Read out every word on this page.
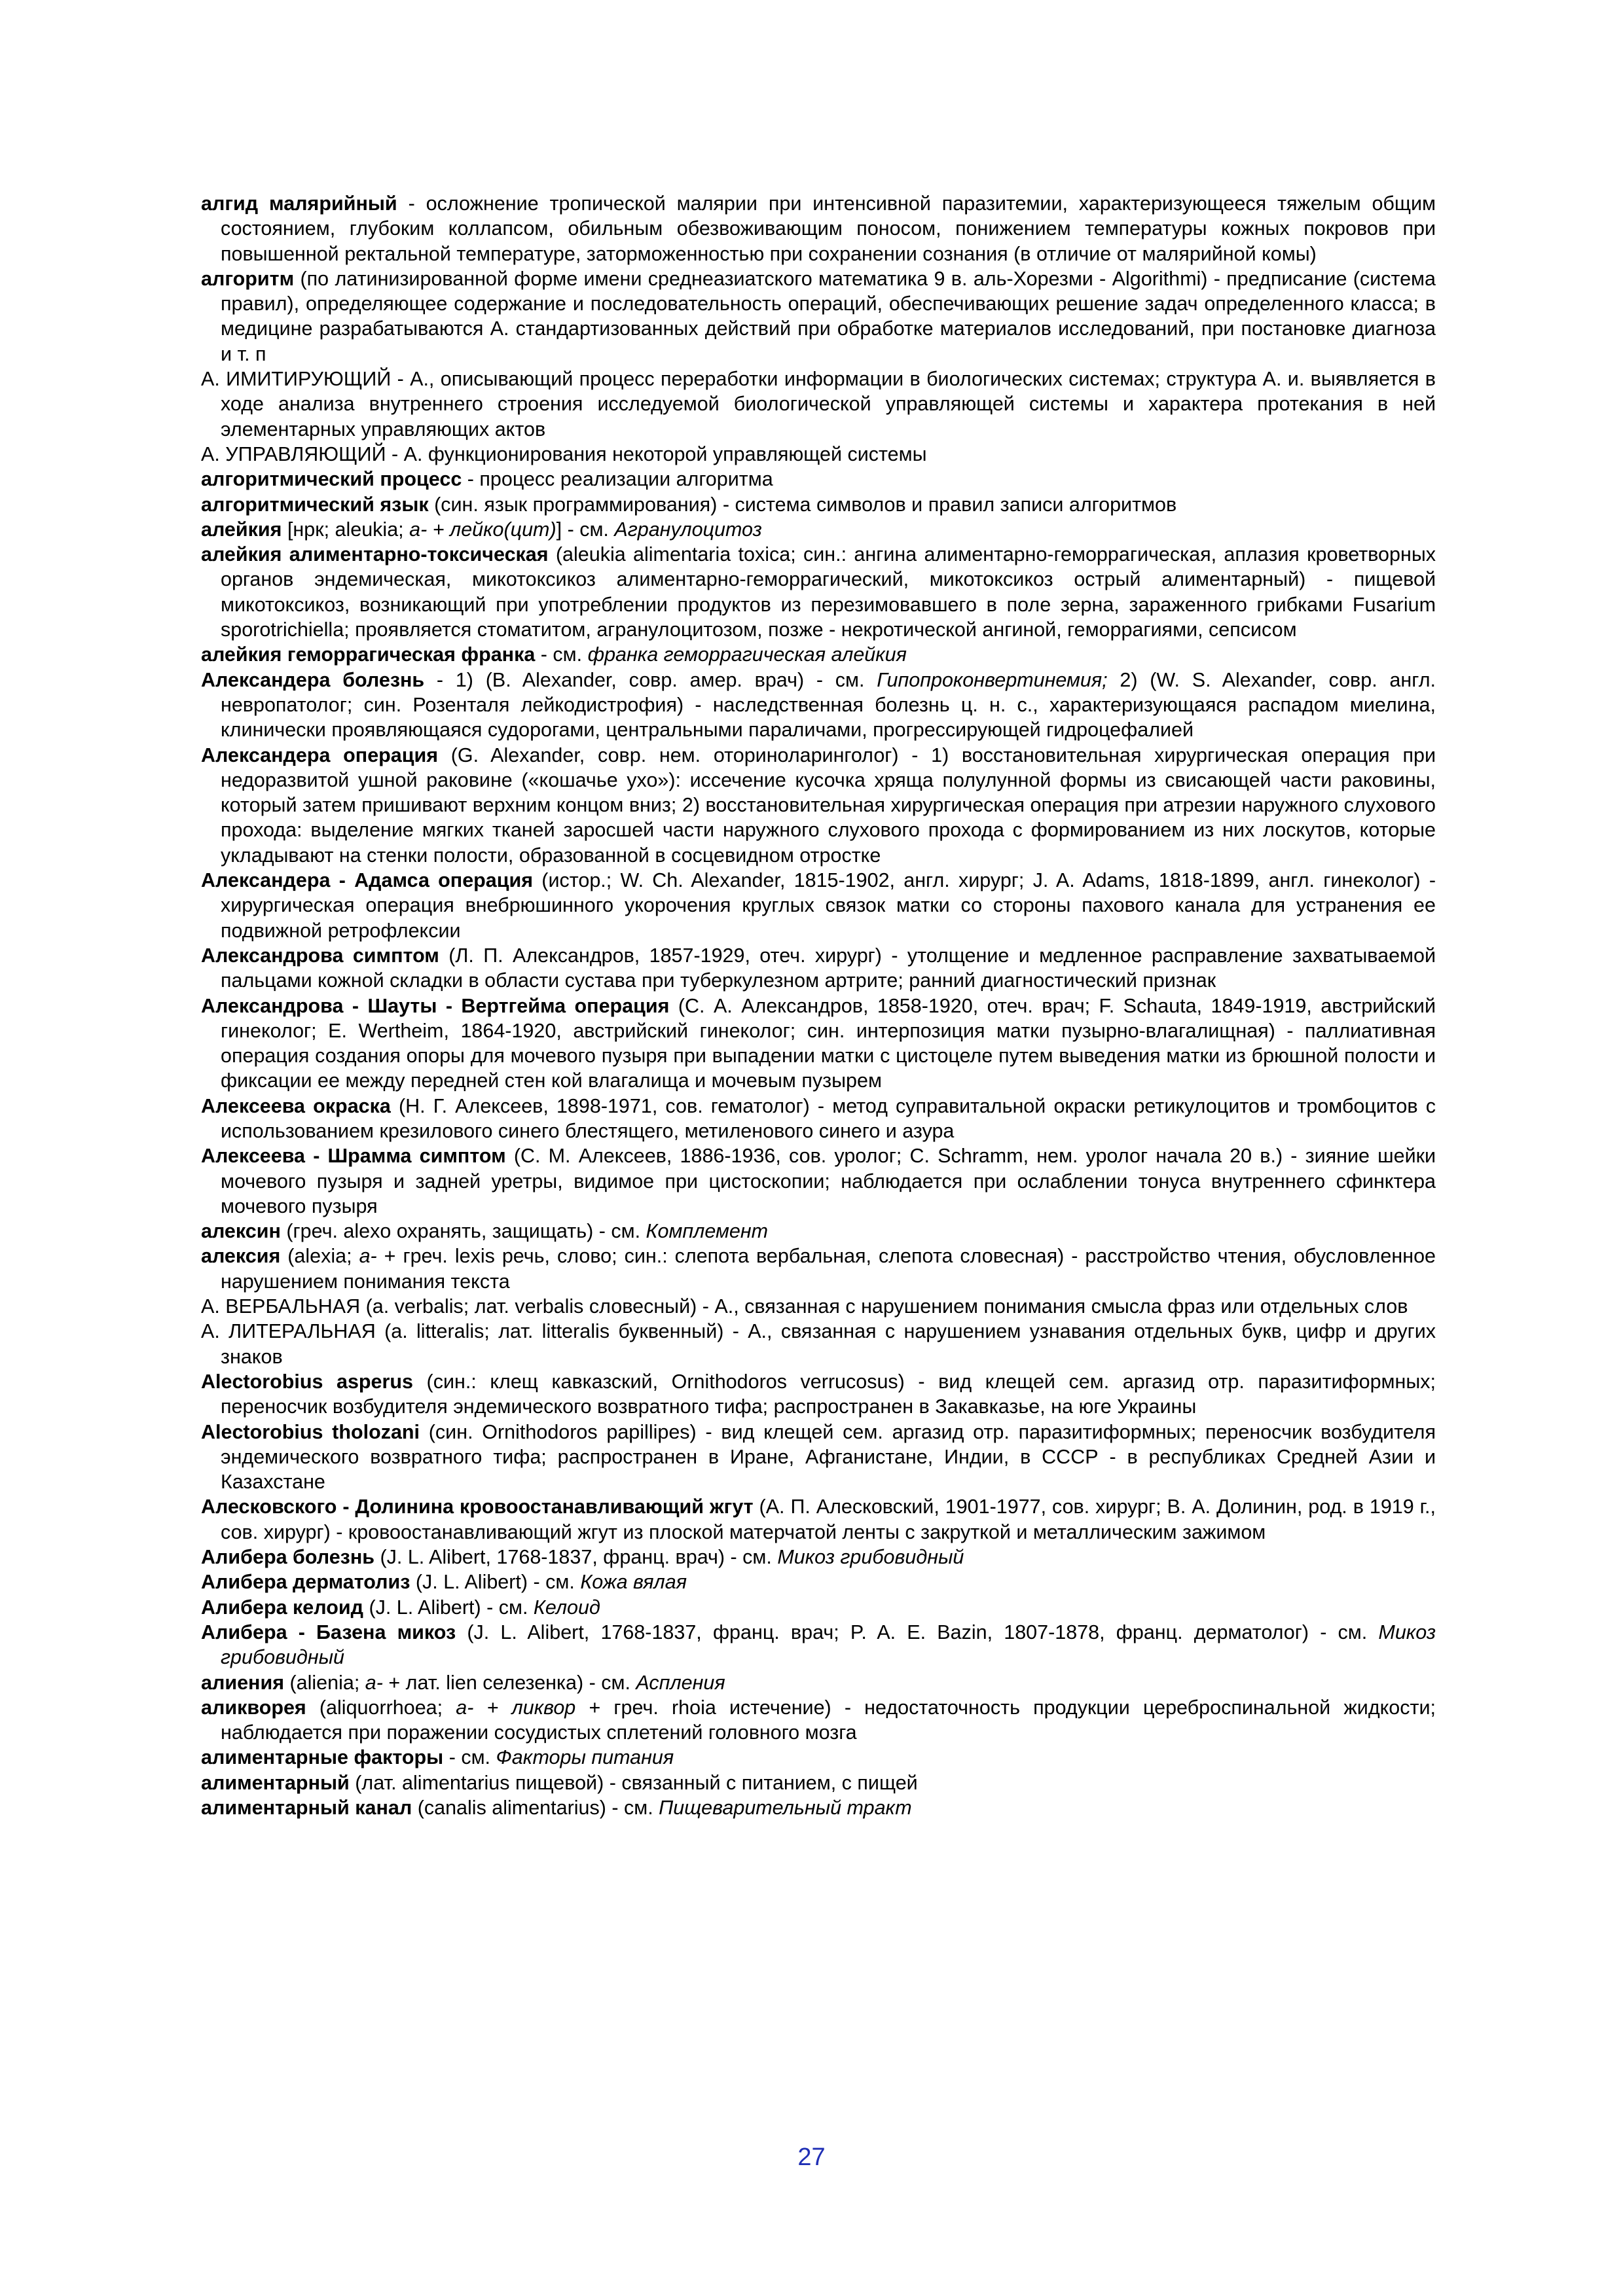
алгид малярийный - осложнение тропической малярии при интенсивной паразитемии, характеризующееся тяжелым общим состоянием, глубоким коллапсом, обильным обезвоживающим поносом, понижением температуры кожных покровов при повышенной ректальной температуре, заторможенностью при сохранении сознания (в отличие от малярийной комы)

алгоритм (по латинизированной форме имени среднеазиатского математика 9 в. аль-Хорезми - Algorithmi) - предписание (система правил), определяющее содержание и последовательность операций, обеспечивающих решение задач определенного класса; в медицине разрабатываются А. стандартизованных действий при обработке материалов исследований, при постановке диагноза и т. п

А. ИМИТИРУЮЩИЙ - А., описывающий процесс переработки информации в биологических системах; структура А. и. выявляется в ходе анализа внутреннего строения исследуемой биологической управляющей системы и характера протекания в ней элементарных управляющих актов

А. УПРАВЛЯЮЩИЙ - А. функционирования некоторой управляющей системы

алгоритмический процесс - процесс реализации алгоритма

алгоритмический язык (син. язык программирования) - система символов и правил записи алгоритмов

алейкия [нрк; aleukia; а- + лейко(цит)] - см. Агранулоцитоз

алейкия алиментарно-токсическая (aleukia alimentaria toxica; син.: ангина алиментарно-геморрагическая, аплазия кроветворных органов эндемическая, микотоксикоз алиментарно-геморрагический, микотоксикоз острый алиментарный) - пищевой микотоксикоз, возникающий при употреблении продуктов из перезимовавшего в поле зерна, зараженного грибками Fusarium sporotrichiella; проявляется стоматитом, агранулоцитозом, позже - некротической ангиной, геморрагиями, сепсисом

алейкия геморрагическая франка - см. франка геморрагическая алейкия

Александера болезнь - 1) (B. Alexander, совр. амер. врач) - см. Гипопроконвертинемия; 2) (W. S. Alexander, совр. англ. невропатолог; син. Розенталя лейкодистрофия) - наследственная болезнь ц. н. с., характеризующаяся распадом миелина, клинически проявляющаяся судорогами, центральными параличами, прогрессирующей гидроцефалией

Александера операция (G. Alexander, совр. нем. оториноларинголог) - 1) восстановительная хирургическая операция при недоразвитой ушной раковине («кошачье ухо»): иссечение кусочка хряща полулунной формы из свисающей части раковины, который затем пришивают верхним концом вниз; 2) восстановительная хирургическая операция при атрезии наружного слухового прохода: выделение мягких тканей заросшей части наружного слухового прохода с формированием из них лоскутов, которые укладывают на стенки полости, образованной в сосцевидном отростке

Александера - Адамса операция (истор.; W. Ch. Alexander, 1815-1902, англ. хирург; J. A. Adams, 1818-1899, англ. гинеколог) - хирургическая операция внебрюшинного укорочения круглых связок матки со стороны пахового канала для устранения ее подвижной ретрофлексии

Александрова симптом (Л. П. Александров, 1857-1929, отеч. хирург) - утолщение и медленное расправление захватываемой пальцами кожной складки в области сустава при туберкулезном артрите; ранний диагностический признак

Александрова - Шауты - Вертгейма операция (С. А. Александров, 1858-1920, отеч. врач; F. Schauta, 1849-1919, австрийский гинеколог; E. Wertheim, 1864-1920, австрийский гинеколог; син. интерпозиция матки пузырно-влагалищная) - паллиативная операция создания опоры для мочевого пузыря при выпадении матки с цистоцеле путем выведения матки из брюшной полости и фиксации ее между передней стен кой влагалища и мочевым пузырем

Алексеева окраска (Н. Г. Алексеев, 1898-1971, сов. гематолог) - метод суправитальной окраски ретикулоцитов и тромбоцитов с использованием крезилового синего блестящего, метиленового синего и азура

Алексеева - Шрамма симптом (С. М. Алексеев, 1886-1936, сов. уролог; C. Schramm, нем. уролог начала 20 в.) - зияние шейки мочевого пузыря и задней уретры, видимое при цистоскопии; наблюдается при ослаблении тонуса внутреннего сфинктера мочевого пузыря

алексин (греч. alexo охранять, защищать) - см. Комплемент

алексия (alexia; а- + греч. lexis речь, слово; син.: слепота вербальная, слепота словесная) - расстройство чтения, обусловленное нарушением понимания текста

А. ВЕРБАЛЬНАЯ (a. verbalis; лат. verbalis словесный) - А., связанная с нарушением понимания смысла фраз или отдельных слов

А. ЛИТЕРАЛЬНАЯ (a. litteralis; лат. litteralis буквенный) - А., связанная с нарушением узнавания отдельных букв, цифр и других знаков

Alectorobius asperus (син.: клещ кавказский, Ornithodoros verrucosus) - вид клещей сем. аргазид отр. паразитиформных; переносчик возбудителя эндемического возвратного тифа; распространен в Закавказье, на юге Украины

Alectorobius tholozani (син. Ornithodoros papillipes) - вид клещей сем. аргазид отр. паразитиформных; переносчик возбудителя эндемического возвратного тифа; распространен в Иране, Афганистане, Индии, в СССР - в республиках Средней Азии и Казахстане

Алесковского - Долинина кровоостанавливающий жгут (А. П. Алесковский, 1901-1977, сов. хирург; В. А. Долинин, род. в 1919 г., сов. хирург) - кровоостанавливающий жгут из плоской матерчатой ленты с закруткой и металлическим зажимом

Алибера болезнь (J. L. Alibert, 1768-1837, франц. врач) - см. Микоз грибовидный

Алибера дерматолиз (J. L. Alibert) - см. Кожа вялая

Алибера келоид (J. L. Alibert) - см. Келоид

Алибера - Базена микоз (J. L. Alibert, 1768-1837, франц. врач; P. A. E. Bazin, 1807-1878, франц. дерматолог) - см. Микоз грибовидный

алиения (alienia; а- + лат. lien селезенка) - см. Аспления

аликворея (aliquorrhoea; а- + ликвор + греч. rhoia истечение) - недостаточность продукции цереброспинальной жидкости; наблюдается при поражении сосудистых сплетений головного мозга

алиментарные факторы - см. Факторы питания

алиментарный (лат. alimentarius пищевой) - связанный с питанием, с пищей

алиментарный канал (canalis alimentarius) - см. Пищеварительный тракт

27
